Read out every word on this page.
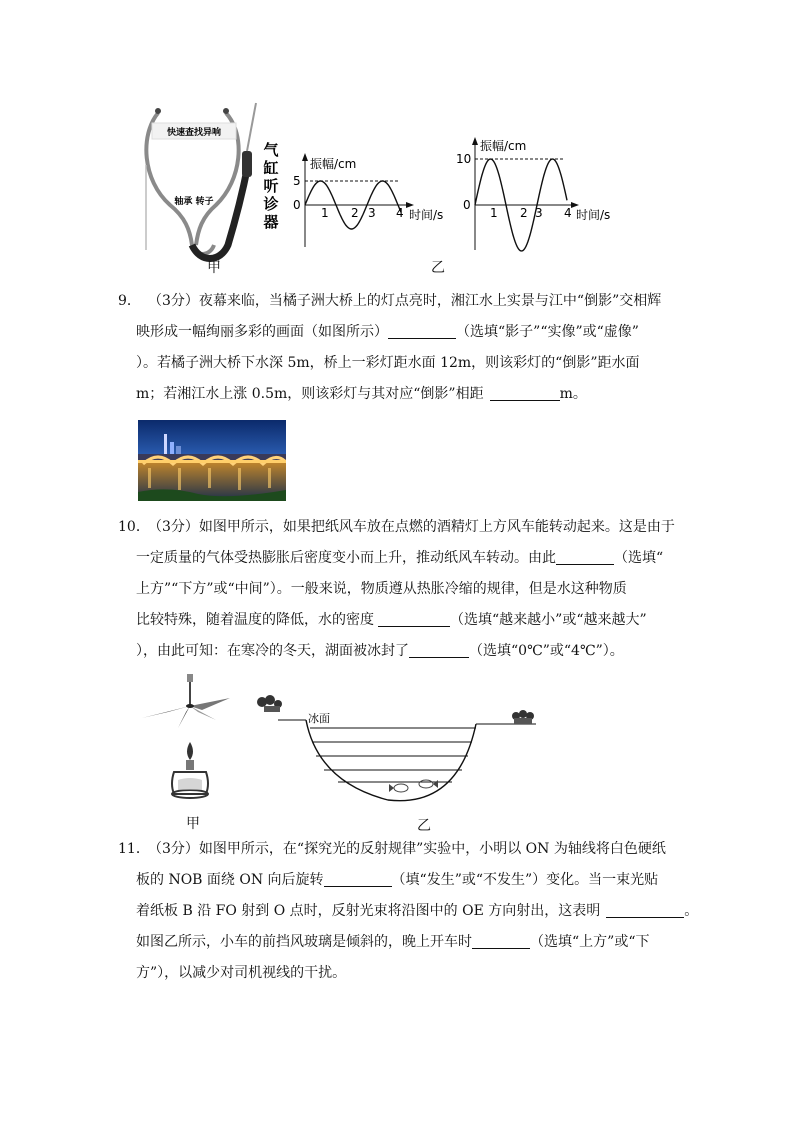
快速查找异响
轴承 转子
气
缸
听
诊
器
振幅/cm
5
0
1 2 3 4 时间/s
振幅/cm
10
0
1 2 3 4 时间/s
甲	乙
9． （3分）夜幕来临，当橘子洲大桥上的灯点亮时，湘江水上实景与江中“倒影”交相辉
映形成一幅绚丽多彩的画面（如图所示）	（选填“影子”“实像”或“虚像”
）。若橘子洲大桥下水深 5m，桥上一彩灯距水面 12m，则该彩灯的“倒影”距水面
m；若湘江水上涨 0.5m，则该彩灯与其对应“倒影”相距	m。
10．
（3分）如图甲所示，如果把纸风车放在点燃的酒精灯上方风车能转动起来。这是由于
一定质量的气体受热膨胀后密度变小而上升，推动纸风车转动。由此	（选填“
上方”“下方”或“中间”）。一般来说，物质遵从热胀冷缩的规律，但是水这种物质
比较特殊，随着温度的降低，水的密度	（选填“越来越小”或“越来越大”
），由此可知：在寒冷的冬天，湖面被冰封了	（选填“0℃”或“4℃”）。
冰面
甲	乙
11．
（3分）如图甲所示，在“探究光的反射规律”实验中，小明以 ON 为轴线将白色硬纸
板的 NOB 面绕 ON 向后旋转	（填“发生”或“不发生”）变化。当一束光贴
着纸板 B 沿 FO 射到 O 点时，反射光束将沿图中的 OE 方向射出，这表明	。
如图乙所示，小车的前挡风玻璃是倾斜的，晚上开车时	（选填“上方”或“下
方”），以减少对司机视线的干扰。
